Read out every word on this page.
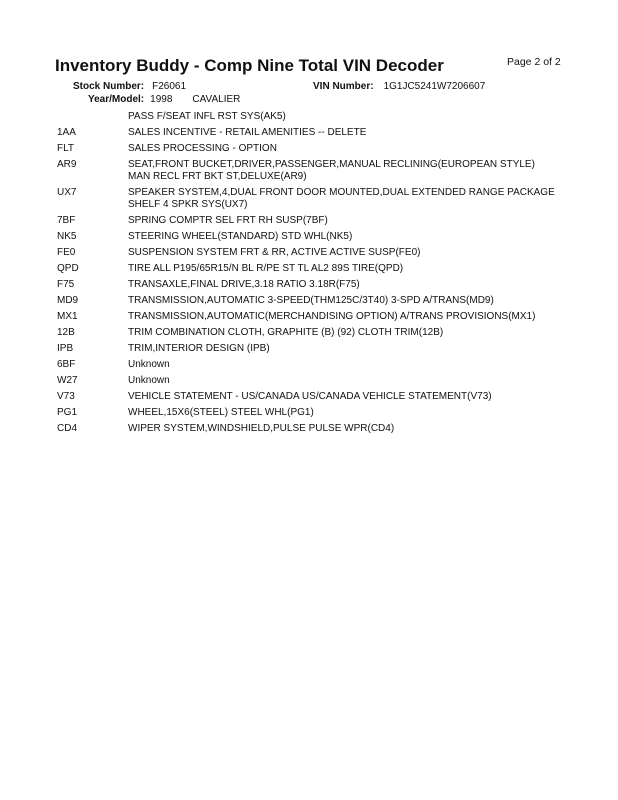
Inventory Buddy - Comp Nine Total VIN Decoder	Page 2 of 2
Stock Number: F26061	VIN Number: 1G1JC5241W7206607
Year/Model: 1998 CAVALIER
PASS F/SEAT INFL RST SYS(AK5)
1AA	SALES INCENTIVE - RETAIL AMENITIES -- DELETE
FLT	SALES PROCESSING - OPTION
AR9	SEAT,FRONT BUCKET,DRIVER,PASSENGER,MANUAL RECLINING(EUROPEAN STYLE)
MAN RECL FRT BKT ST,DELUXE(AR9)
UX7	SPEAKER SYSTEM,4,DUAL FRONT DOOR MOUNTED,DUAL EXTENDED RANGE PACKAGE
SHELF 4 SPKR SYS(UX7)
7BF	SPRING COMPTR SEL FRT RH SUSP(7BF)
NK5	STEERING WHEEL(STANDARD) STD WHL(NK5)
FE0	SUSPENSION SYSTEM FRT & RR, ACTIVE ACTIVE SUSP(FE0)
QPD	TIRE ALL P195/65R15/N BL R/PE ST TL AL2 89S TIRE(QPD)
F75	TRANSAXLE,FINAL DRIVE,3.18 RATIO 3.18R(F75)
MD9	TRANSMISSION,AUTOMATIC 3-SPEED(THM125C/3T40) 3-SPD A/TRANS(MD9)
MX1	TRANSMISSION,AUTOMATIC(MERCHANDISING OPTION) A/TRANS PROVISIONS(MX1)
12B	TRIM COMBINATION CLOTH, GRAPHITE (B) (92) CLOTH TRIM(12B)
IPB	TRIM,INTERIOR DESIGN (IPB)
6BF	Unknown
W27	Unknown
V73	VEHICLE STATEMENT - US/CANADA US/CANADA VEHICLE STATEMENT(V73)
PG1	WHEEL,15X6(STEEL) STEEL WHL(PG1)
CD4	WIPER SYSTEM,WINDSHIELD,PULSE PULSE WPR(CD4)
